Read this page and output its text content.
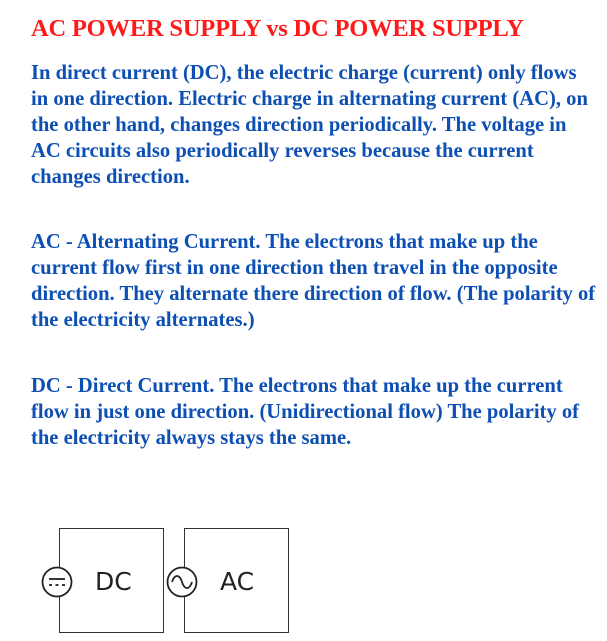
AC POWER SUPPLY vs DC POWER SUPPLY

In direct current (DC), the electric charge (current) only flows in one direction. Electric charge in alternating current (AC), on the other hand, changes direction periodically. The voltage in AC circuits also periodically reverses because the current changes direction.

AC - Alternating Current. The electrons that make up the current flow first in one direction then travel in the opposite direction. They alternate there direction of flow. (The polarity of the electricity alternates.)

DC - Direct Current. The electrons that make up the current flow in just one direction. (Unidirectional flow) The polarity of the electricity always stays the same.

DC	AC
